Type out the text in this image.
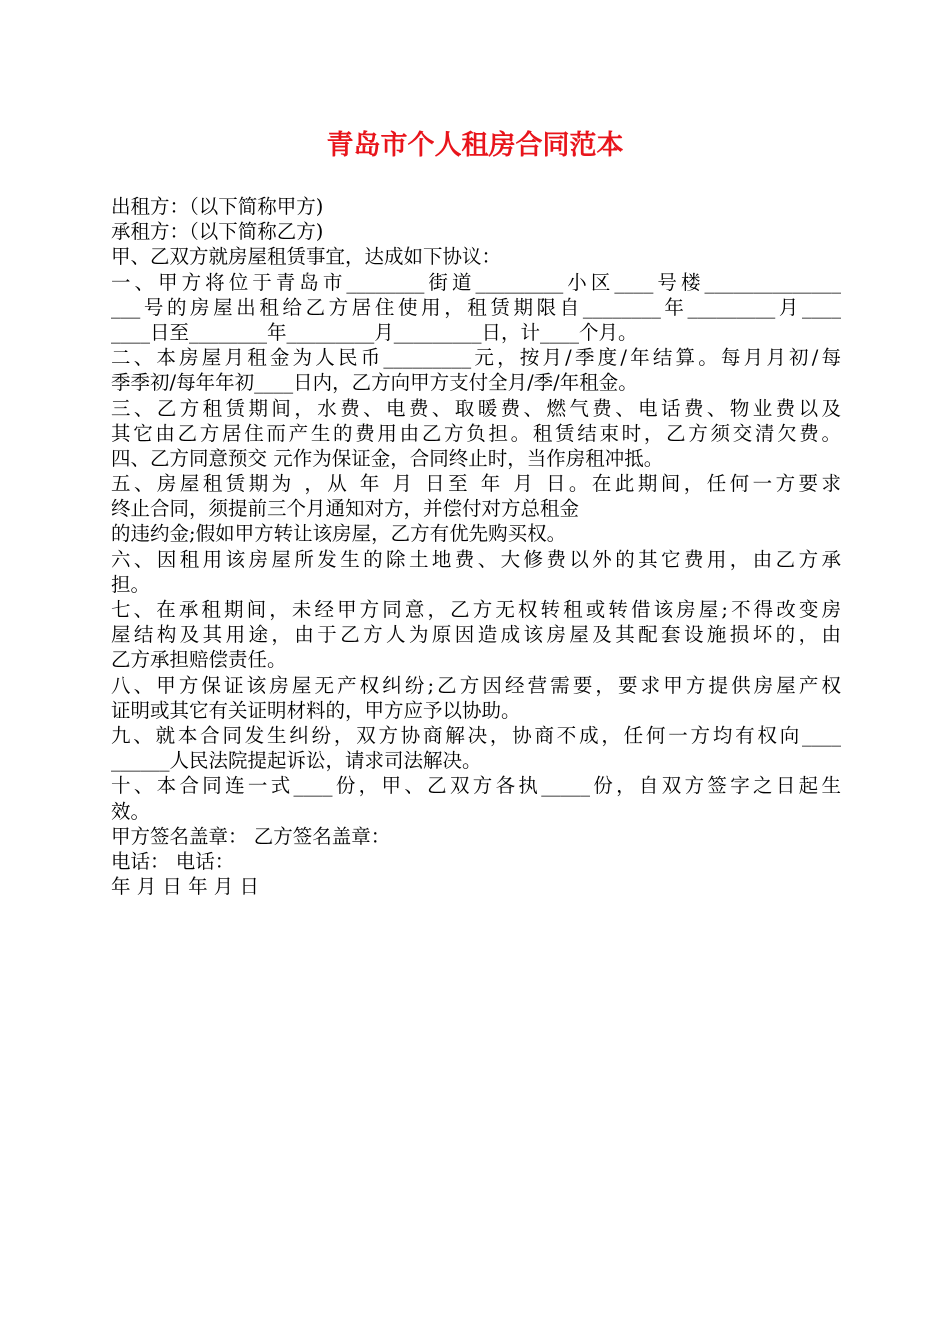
青岛市个人租房合同范本
出租方：（以下简称甲方)
承租方：（以下简称乙方)
甲、乙双方就房屋租赁事宜，达成如下协议：
一、甲方将位于青岛市________街道_________小区____号楼______________
___号的房屋出租给乙方居住使用，租赁期限自________年_________月____
____日至________年_________月_________日，计____个月。
二、本房屋月租金为人民币_________元，按月/季度/年结算。每月月初/每
季季初/每年年初____日内，乙方向甲方支付全月/季/年租金。
三、乙方租赁期间，水费、电费、取暖费、燃气费、电话费、物业费以及
其它由乙方居住而产生的费用由乙方负担。租赁结束时，乙方须交清欠费。
四、乙方同意预交 元作为保证金，合同终止时，当作房租冲抵。
五、房屋租赁期为 ，从 年 月 日至 年 月 日。在此期间，任何一方要求
终止合同，须提前三个月通知对方，并偿付对方总租金
的违约金;假如甲方转让该房屋，乙方有优先购买权。
六、因租用该房屋所发生的除土地费、大修费以外的其它费用，由乙方承
担。
七、在承租期间，未经甲方同意，乙方无权转租或转借该房屋;不得改变房
屋结构及其用途，由于乙方人为原因造成该房屋及其配套设施损坏的，由
乙方承担赔偿责任。
八、甲方保证该房屋无产权纠纷;乙方因经营需要，要求甲方提供房屋产权
证明或其它有关证明材料的，甲方应予以协助。
九、就本合同发生纠纷，双方协商解决，协商不成，任何一方均有权向____
______人民法院提起诉讼，请求司法解决。
十、本合同连一式____份，甲、乙双方各执_____份，自双方签字之日起生
效。
甲方签名盖章： 乙方签名盖章：
电话： 电话：
年 月 日 年 月 日
